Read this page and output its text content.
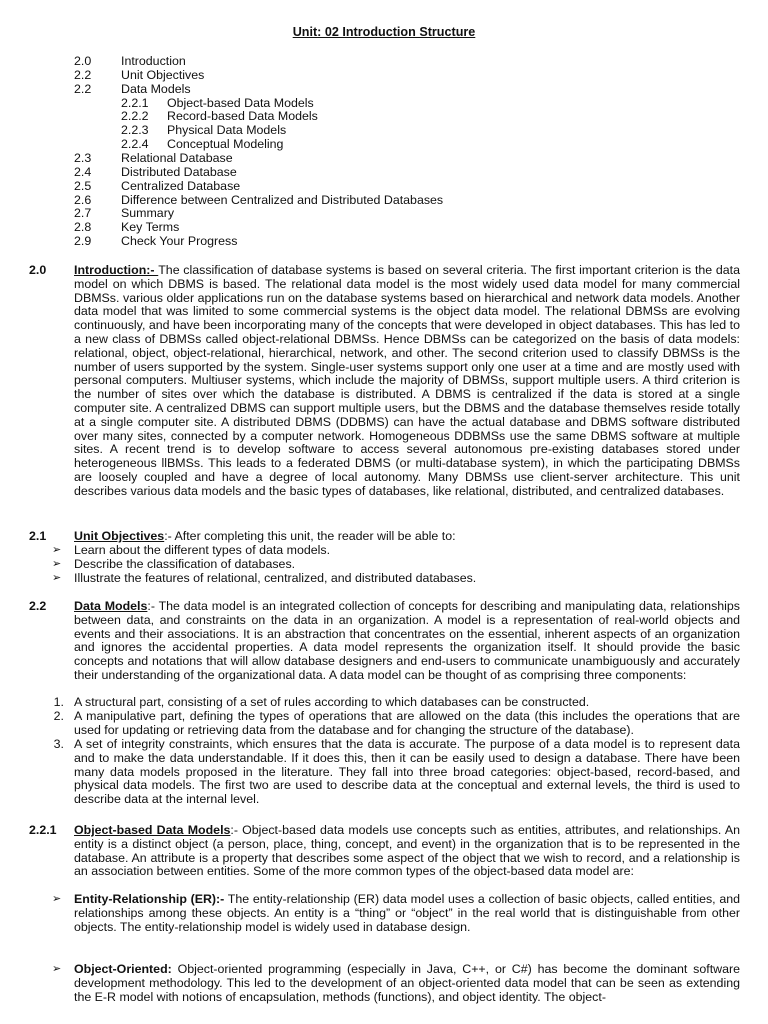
Unit: 02 Introduction Structure
2.0 Introduction
2.2 Unit Objectives
2.2 Data Models
2.2.1 Object-based Data Models
2.2.2 Record-based Data Models
2.2.3 Physical Data Models
2.2.4 Conceptual Modeling
2.3 Relational Database
2.4 Distributed Database
2.5 Centralized Database
2.6 Difference between Centralized and Distributed Databases
2.7 Summary
2.8 Key Terms
2.9 Check Your Progress
2.0 Introduction:- The classification of database systems is based on several criteria. The first important criterion is the data model on which DBMS is based. The relational data model is the most widely used data model for many commercial DBMSs. various older applications run on the database systems based on hierarchical and network data models. Another data model that was limited to some commercial systems is the object data model. The relational DBMSs are evolving continuously, and have been incorporating many of the concepts that were developed in object databases. This has led to a new class of DBMSs called object-relational DBMSs. Hence DBMSs can be categorized on the basis of data models: relational, object, object-relational, hierarchical, network, and other. The second criterion used to classify DBMSs is the number of users supported by the system. Single-user systems support only one user at a time and are mostly used with personal computers. Multiuser systems, which include the majority of DBMSs, support multiple users. A third criterion is the number of sites over which the database is distributed. A DBMS is centralized if the data is stored at a single computer site. A centralized DBMS can support multiple users, but the DBMS and the database themselves reside totally at a single computer site. A distributed DBMS (DDBMS) can have the actual database and DBMS software distributed over many sites, connected by a computer network. Homogeneous DDBMSs use the same DBMS software at multiple sites. A recent trend is to develop software to access several autonomous pre-existing databases stored under heterogeneous llBMSs. This leads to a federated DBMS (or multi-database system), in which the participating DBMSs are loosely coupled and have a degree of local autonomy. Many DBMSs use client-server architecture. This unit describes various data models and the basic types of databases, like relational, distributed, and centralized databases.
2.1 Unit Objectives:- After completing this unit, the reader will be able to:
➢ Learn about the different types of data models.
➢ Describe the classification of databases.
➢ Illustrate the features of relational, centralized, and distributed databases.
2.2 Data Models:- The data model is an integrated collection of concepts for describing and manipulating data, relationships between data, and constraints on the data in an organization. A model is a representation of real-world objects and events and their associations. It is an abstraction that concentrates on the essential, inherent aspects of an organization and ignores the accidental properties. A data model represents the organization itself. It should provide the basic concepts and notations that will allow database designers and end-users to communicate unambiguously and accurately their understanding of the organizational data. A data model can be thought of as comprising three components:
1. A structural part, consisting of a set of rules according to which databases can be constructed.
2. A manipulative part, defining the types of operations that are allowed on the data (this includes the operations that are used for updating or retrieving data from the database and for changing the structure of the database).
3. A set of integrity constraints, which ensures that the data is accurate. The purpose of a data model is to represent data and to make the data understandable. If it does this, then it can be easily used to design a database. There have been many data models proposed in the literature. They fall into three broad categories: object-based, record-based, and physical data models. The first two are used to describe data at the conceptual and external levels, the third is used to describe data at the internal level.
2.2.1 Object-based Data Models:- Object-based data models use concepts such as entities, attributes, and relationships. An entity is a distinct object (a person, place, thing, concept, and event) in the organization that is to be represented in the database. An attribute is a property that describes some aspect of the object that we wish to record, and a relationship is an association between entities. Some of the more common types of the object-based data model are:
➢ Entity-Relationship (ER):- The entity-relationship (ER) data model uses a collection of basic objects, called entities, and relationships among these objects. An entity is a “thing” or “object” in the real world that is distinguishable from other objects. The entity-relationship model is widely used in database design.
➢ Object-Oriented: Object-oriented programming (especially in Java, C++, or C#) has become the dominant software development methodology. This led to the development of an object-oriented data model that can be seen as extending the E-R model with notions of encapsulation, methods (functions), and object identity. The object-
